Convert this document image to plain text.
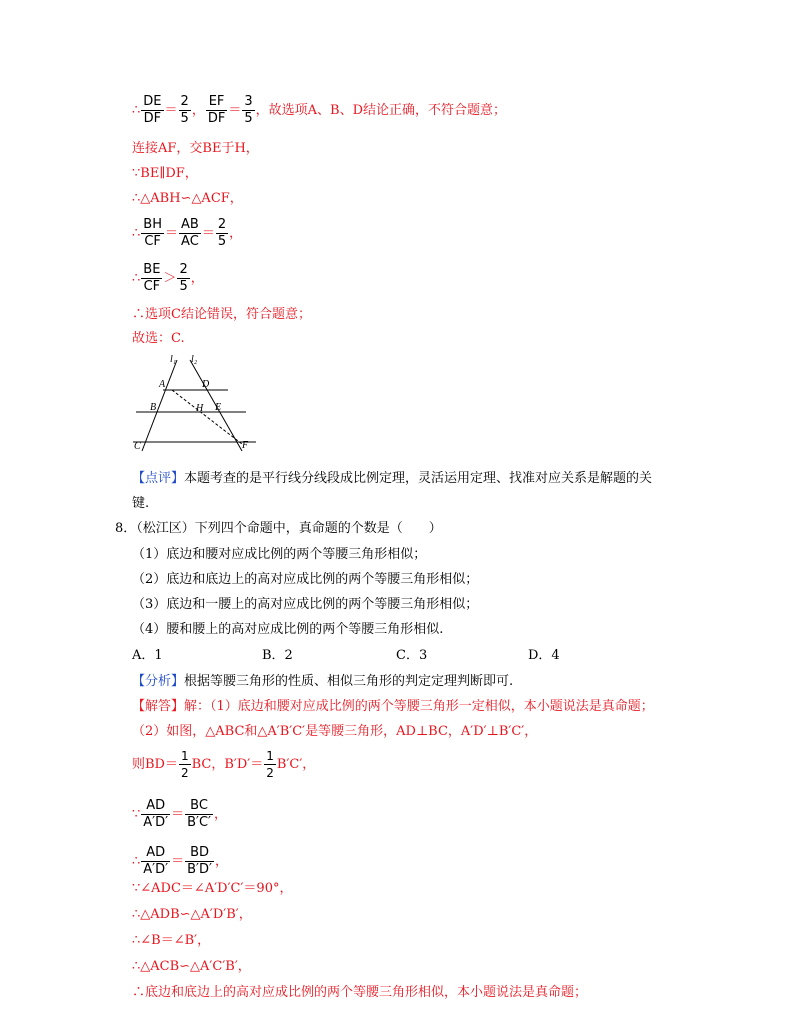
∴ $\frac{DE}{DF} = \frac{2}{5}$ ， $\frac{EF}{DF} = \frac{3}{5}$ ，故选项A、B、D结论正确，不符合题意；
连接AF，交BE于H，
∵BE∥DF，
∴△ABH∽△ACF，
∴ $\frac{BH}{CF} = \frac{AB}{AC} = \frac{2}{5}$ ，
∴ $\frac{BE}{CF} > \frac{2}{5}$ ，
∴选项C结论错误，符合题意；
故选：C.
l₁ l₂
A	D
B	H E
C	F
【点评】本题考查的是平行线分线段成比例定理，灵活运用定理、找准对应关系是解题的关
键.
8．（松江区）下列四个命题中，真命题的个数是（　　）
（1）底边和腰对应成比例的两个等腰三角形相似；
（2）底边和底边上的高对应成比例的两个等腰三角形相似；
（3）底边和一腰上的高对应成比例的两个等腰三角形相似；
（4）腰和腰上的高对应成比例的两个等腰三角形相似.
A．1	B．2	C．3	D．4
【分析】根据等腰三角形的性质、相似三角形的判定定理判断即可.
【解答】解：（1）底边和腰对应成比例的两个等腰三角形一定相似，本小题说法是真命题；
（2）如图，△ABC和△A′B′C′是等腰三角形，AD⊥BC，A′D′⊥B′C′，
则$BD= \frac{1}{2}$ BC，$B'D'= \frac{1}{2} B'C'$，
∵ $\frac{AD}{A'D'} = \frac{BC}{B'C'}$ ，
∴ $\frac{AD}{A'D'} = \frac{BD}{B'D'}$ ，
∵∠ADC＝∠A′D′C′＝90°，
∴△ADB∽△A′D′B′，
∴∠B＝∠B′，
∴△ACB∽△A′C′B′，
∴底边和底边上的高对应成比例的两个等腰三角形相似，本小题说法是真命题；
